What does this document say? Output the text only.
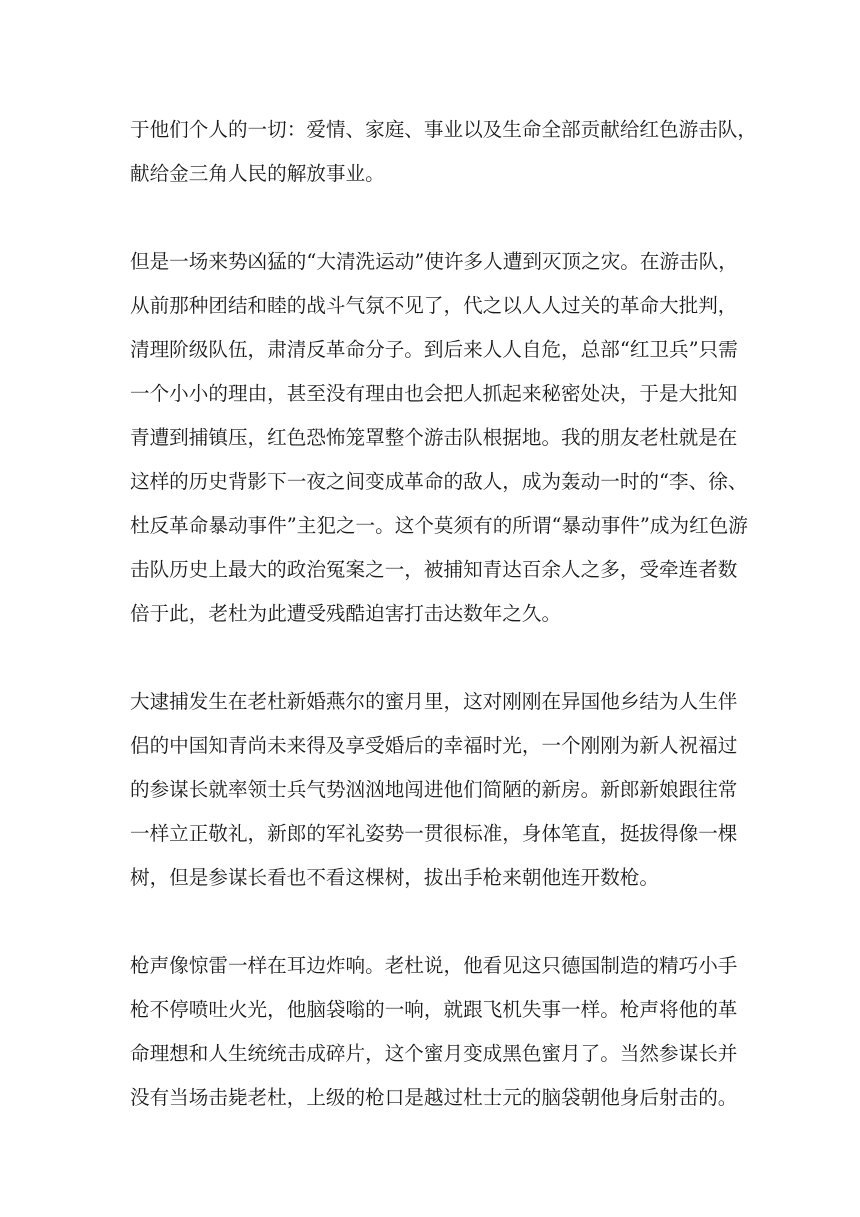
于他们个人的一切：爱情、家庭、事业以及生命全部贡献给红色游击队，
献给金三角人民的解放事业。
但是一场来势凶猛的“大清洗运动”使许多人遭到灭顶之灾。在游击队，
从前那种团结和睦的战斗气氛不见了，代之以人人过关的革命大批判，
清理阶级队伍，肃清反革命分子。到后来人人自危，总部“红卫兵”只需
一个小小的理由，甚至没有理由也会把人抓起来秘密处决，于是大批知
青遭到捕镇压，红色恐怖笼罩整个游击队根据地。我的朋友老杜就是在
这样的历史背影下一夜之间变成革命的敌人，成为轰动一时的“李、徐、
杜反革命暴动事件”主犯之一。这个莫须有的所谓“暴动事件”成为红色游
击队历史上最大的政治冤案之一，被捕知青达百余人之多，受牵连者数
倍于此，老杜为此遭受残酷迫害打击达数年之久。
大逮捕发生在老杜新婚燕尔的蜜月里，这对刚刚在异国他乡结为人生伴
侣的中国知青尚未来得及享受婚后的幸福时光，一个刚刚为新人祝福过
的参谋长就率领士兵气势汹汹地闯进他们简陋的新房。新郎新娘跟往常
一样立正敬礼，新郎的军礼姿势一贯很标准，身体笔直，挺拔得像一棵
树，但是参谋长看也不看这棵树，拔出手枪来朝他连开数枪。
枪声像惊雷一样在耳边炸响。老杜说，他看见这只德国制造的精巧小手
枪不停喷吐火光，他脑袋嗡的一响，就跟飞机失事一样。枪声将他的革
命理想和人生统统击成碎片，这个蜜月变成黑色蜜月了。当然参谋长并
没有当场击毙老杜，上级的枪口是越过杜士元的脑袋朝他身后射击的。
